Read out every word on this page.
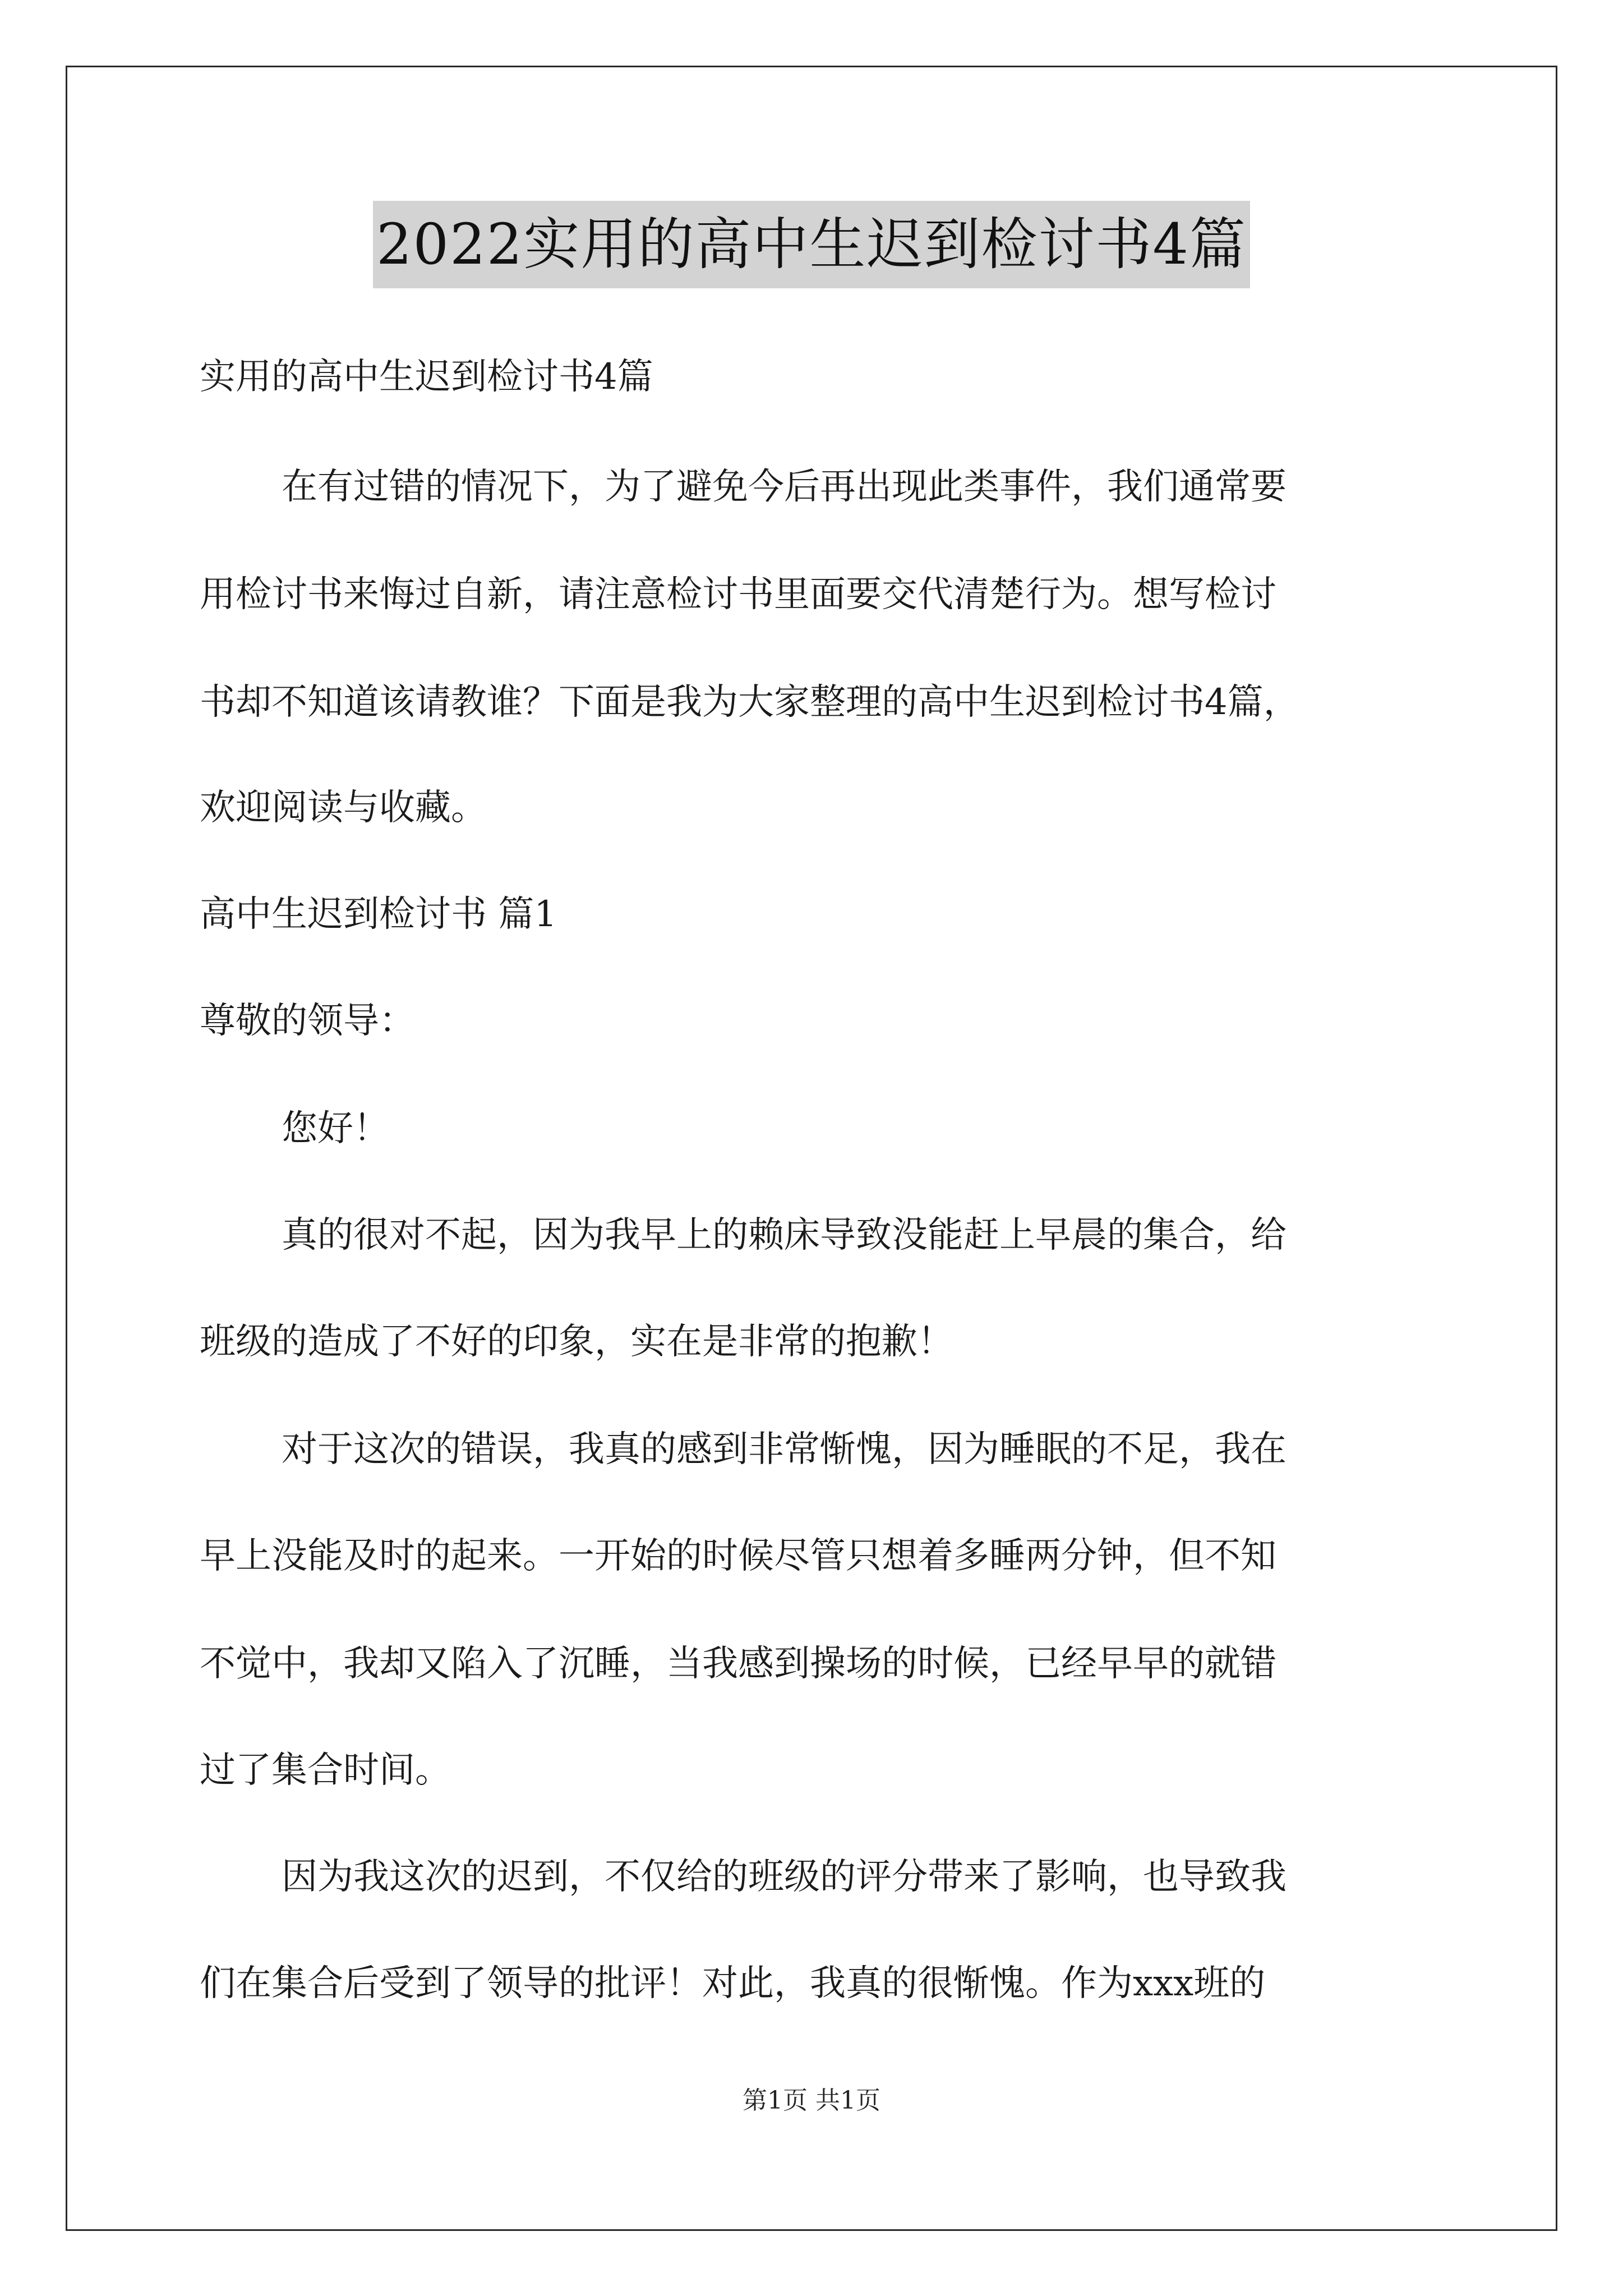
2022实用的高中生迟到检讨书4篇
实用的高中生迟到检讨书4篇
在有过错的情况下，为了避免今后再出现此类事件，我们通常要
用检讨书来悔过自新，请注意检讨书里面要交代清楚行为。想写检讨
书却不知道该请教谁？下面是我为大家整理的高中生迟到检讨书4篇，
欢迎阅读与收藏。
高中生迟到检讨书 篇1
尊敬的领导：
您好！
真的很对不起，因为我早上的赖床导致没能赶上早晨的集合，给
班级的造成了不好的印象，实在是非常的抱歉！
对于这次的错误，我真的感到非常惭愧，因为睡眠的不足，我在
早上没能及时的起来。一开始的时候尽管只想着多睡两分钟，但不知
不觉中，我却又陷入了沉睡，当我感到操场的时候，已经早早的就错
过了集合时间。
因为我这次的迟到，不仅给的班级的评分带来了影响，也导致我
们在集合后受到了领导的批评！对此，我真的很惭愧。作为xxx班的
第1页 共1页
